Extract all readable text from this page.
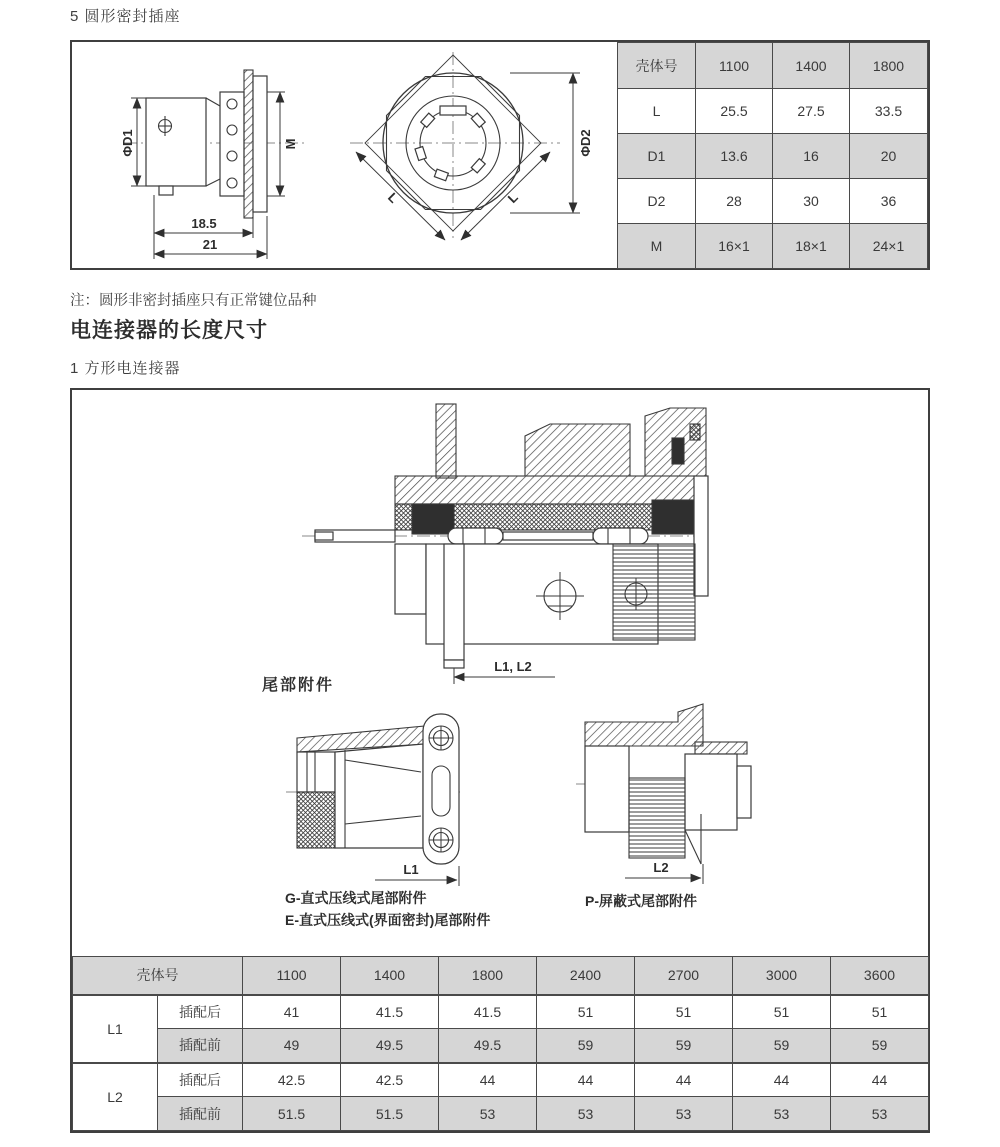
5 圆形密封插座
ΦD1	M
18.5
21
L	L
ΦD2
壳体号	1100	1400	1800
L	25.5	27.5	33.5
D1	13.6	16	20
D2	28	30	36
M	16×1	18×1	24×1
注：圆形非密封插座只有正常键位品种
电连接器的长度尺寸
1 方形电连接器
L1, L2
尾部附件
L1	L2
G-直式压线式尾部附件
E-直式压线式(界面密封)尾部附件
P-屏蔽式尾部附件
壳体号		1100	1400	1800	2400	2700	3000	3600
L1	插配后	41	41.5	41.5	51	51	51	51
	插配前	49	49.5	49.5	59	59	59	59
L2	插配后	42.5	42.5	44	44	44	44	44
	插配前	51.5	51.5	53	53	53	53	53
